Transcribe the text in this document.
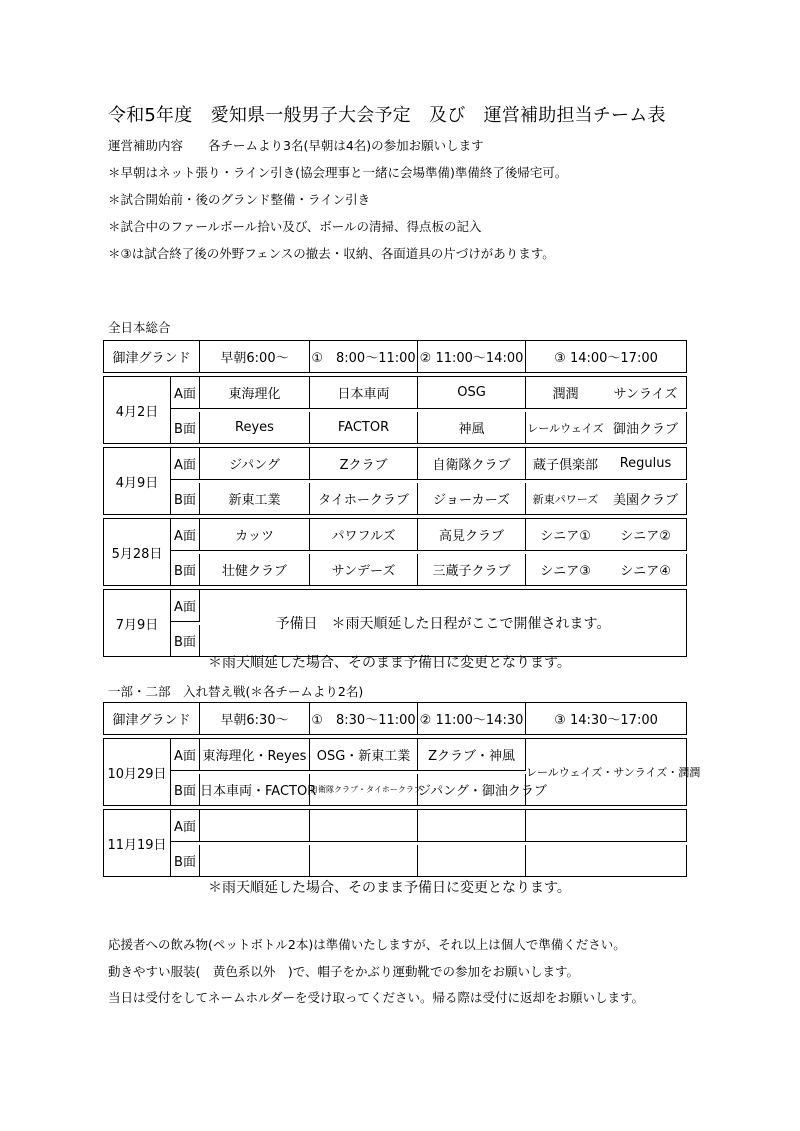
令和5年度　愛知県一般男子大会予定　及び　運営補助担当チーム表
運営補助内容　　各チームより3名(早朝は4名)の参加お願いします
＊早朝はネット張り・ライン引き(協会理事と一緒に会場準備)準備終了後帰宅可。
＊試合開始前・後のグランド整備・ライン引き
＊試合中のファールボール拾い及び、ボールの清掃、得点板の記入
＊③は試合終了後の外野フェンスの撤去・収納、各面道具の片づけがあります。
全日本総合
御津グランド		早朝6:00～	①　8:00～11:00	② 11:00～14:00	③ 14:00～17:00	
4月2日	A面	東海理化	日本車両	OSG	潤潤	サンライズ
	B面	Reyes	FACTOR	神風	レールウェイズ	御油クラブ
4月9日	A面	ジパング	Zクラブ	自衛隊クラブ	蔵子倶楽部	Regulus
	B面	新東工業	タイホークラブ	ジョーカーズ	新東パワーズ	美園クラブ
5月28日	A面	カッツ	パワフルズ	高見クラブ	シニア①	シニア②
	B面	壮健クラブ	サンデーズ	三蔵子クラブ	シニア③	シニア④
7月9日	A面	予備日　＊雨天順延した日程がここで開催されます。				
	B面					
＊雨天順延した場合、そのまま予備日に変更となります。
一部・二部　入れ替え戦(＊各チームより2名)
御津グランド		早朝6:30～	①　8:30～11:00	② 11:00～14:30	③ 14:30～17:00
10月29日	A面	東海理化・Reyes	OSG・新東工業	Zクラブ・神風	レールウェイズ・サンライズ・潤潤
	B面	日本車両・FACTOR	自衛隊クラブ・タイホークラブ	ジパング・御油クラブ	
11月19日	A面				
	B面				
＊雨天順延した場合、そのまま予備日に変更となります。
応援者への飲み物(ペットボトル2本)は準備いたしますが、それ以上は個人で準備ください。
動きやすい服装(　黄色系以外　)で、帽子をかぶり運動靴での参加をお願いします。
当日は受付をしてネームホルダーを受け取ってください。帰る際は受付に返却をお願いします。
